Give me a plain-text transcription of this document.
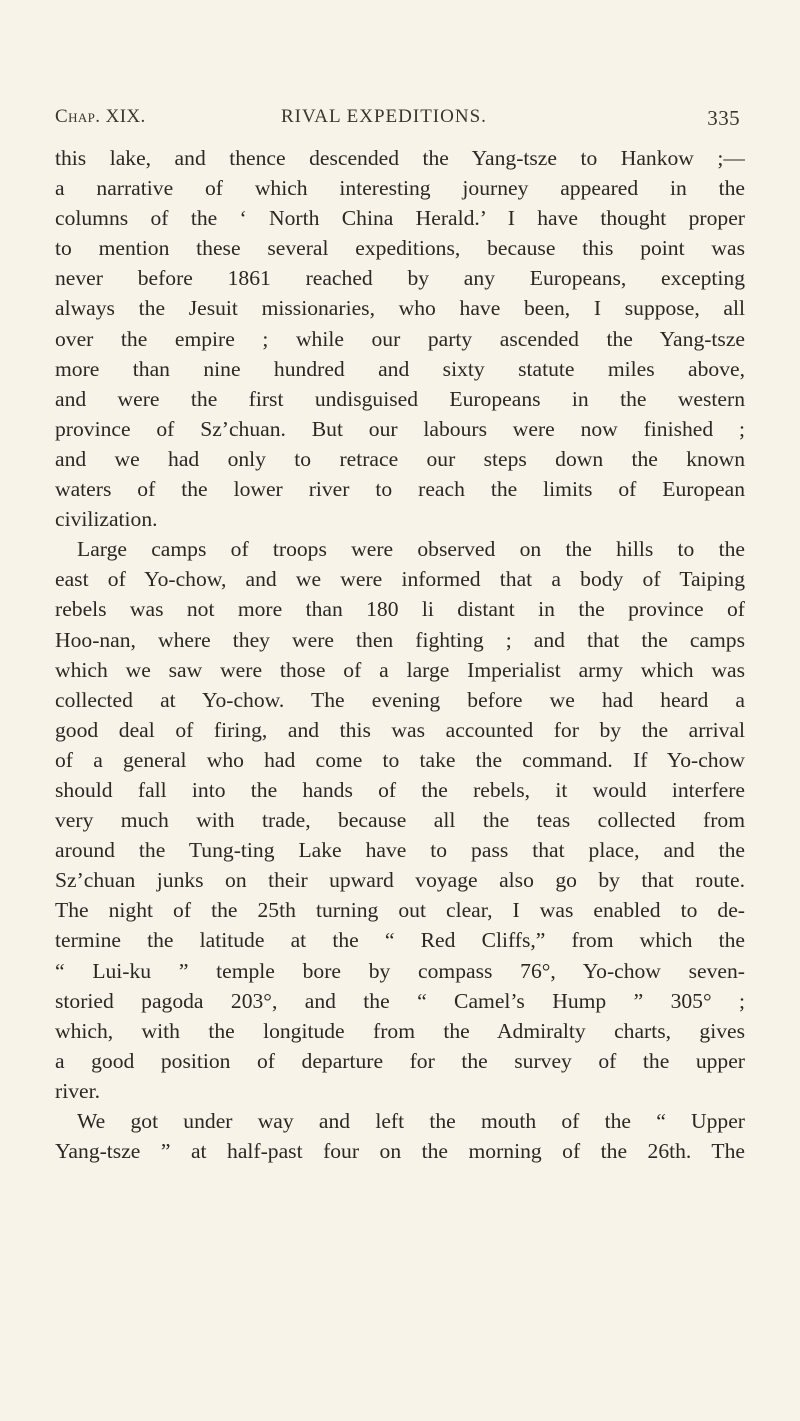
Chap. XIX.	RIVAL EXPEDITIONS.	335
this lake, and thence descended the Yang-tsze to Hankow ;—
a narrative of which interesting journey appeared in the
columns of the ‘ North China Herald.’ I have thought proper
to mention these several expeditions, because this point was
never before 1861 reached by any Europeans, excepting
always the Jesuit missionaries, who have been, I suppose, all
over the empire ; while our party ascended the Yang-tsze
more than nine hundred and sixty statute miles above,
and were the first undisguised Europeans in the western
province of Sz’chuan. But our labours were now finished ;
and we had only to retrace our steps down the known
waters of the lower river to reach the limits of European
civilization.
Large camps of troops were observed on the hills to the
east of Yo-chow, and we were informed that a body of Taiping
rebels was not more than 180 li distant in the province of
Hoo-nan, where they were then fighting ; and that the camps
which we saw were those of a large Imperialist army which was
collected at Yo-chow. The evening before we had heard a
good deal of firing, and this was accounted for by the arrival
of a general who had come to take the command. If Yo-chow
should fall into the hands of the rebels, it would interfere
very much with trade, because all the teas collected from
around the Tung-ting Lake have to pass that place, and the
Sz’chuan junks on their upward voyage also go by that route.
The night of the 25th turning out clear, I was enabled to de-
termine the latitude at the “ Red Cliffs,” from which the
“ Lui-ku ” temple bore by compass 76°, Yo-chow seven-
storied pagoda 203°, and the “ Camel’s Hump ” 305° ;
which, with the longitude from the Admiralty charts, gives
a good position of departure for the survey of the upper
river.
We got under way and left the mouth of the “ Upper
Yang-tsze ” at half-past four on the morning of the 26th. The
